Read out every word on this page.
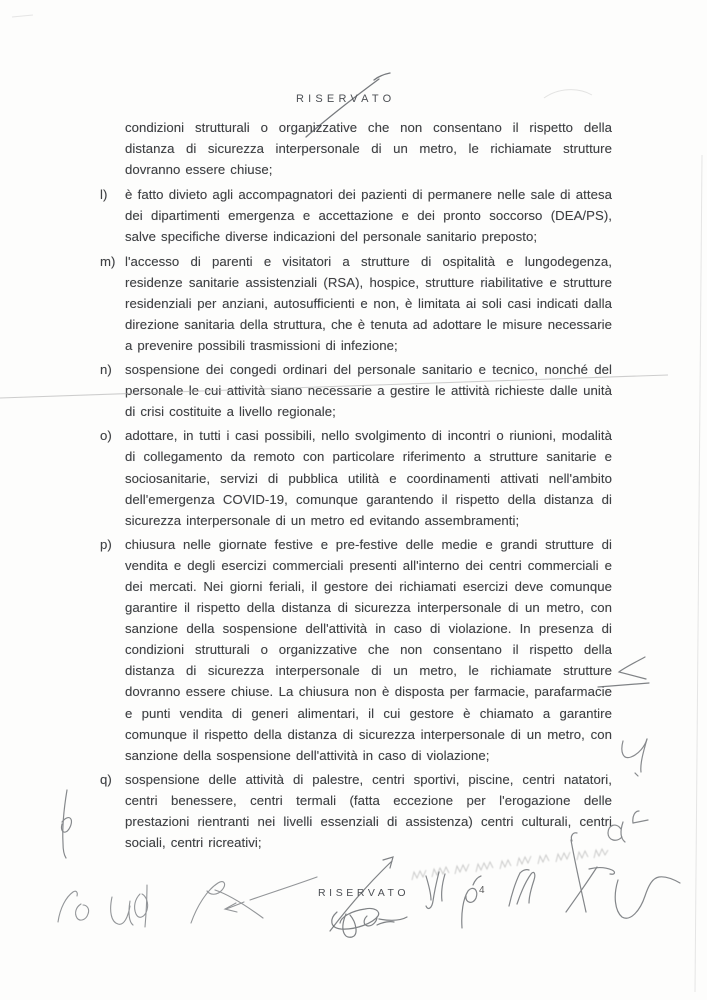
RISERVATO

condizioni strutturali o organizzative che non consentano il rispetto della distanza di sicurezza interpersonale di un metro, le richiamate strutture dovranno essere chiuse;

l) è fatto divieto agli accompagnatori dei pazienti di permanere nelle sale di attesa dei dipartimenti emergenza e accettazione e dei pronto soccorso (DEA/PS), salve specifiche diverse indicazioni del personale sanitario preposto;
m) l'accesso di parenti e visitatori a strutture di ospitalità e lungodegenza, residenze sanitarie assistenziali (RSA), hospice, strutture riabilitative e strutture residenziali per anziani, autosufficienti e non, è limitata ai soli casi indicati dalla direzione sanitaria della struttura, che è tenuta ad adottare le misure necessarie a prevenire possibili trasmissioni di infezione;
n) sospensione dei congedi ordinari del personale sanitario e tecnico, nonché del personale le cui attività siano necessarie a gestire le attività richieste dalle unità di crisi costituite a livello regionale;
o) adottare, in tutti i casi possibili, nello svolgimento di incontri o riunioni, modalità di collegamento da remoto con particolare riferimento a strutture sanitarie e sociosanitarie, servizi di pubblica utilità e coordinamenti attivati nell'ambito dell'emergenza COVID-19, comunque garantendo il rispetto della distanza di sicurezza interpersonale di un metro ed evitando assembramenti;
p) chiusura nelle giornate festive e pre-festive delle medie e grandi strutture di vendita e degli esercizi commerciali presenti all'interno dei centri commerciali e dei mercati. Nei giorni feriali, il gestore dei richiamati esercizi deve comunque garantire il rispetto della distanza di sicurezza interpersonale di un metro, con sanzione della sospensione dell'attività in caso di violazione. In presenza di condizioni strutturali o organizzative che non consentano il rispetto della distanza di sicurezza interpersonale di un metro, le richiamate strutture dovranno essere chiuse. La chiusura non è disposta per farmacie, parafarmacie e punti vendita di generi alimentari, il cui gestore è chiamato a garantire comunque il rispetto della distanza di sicurezza interpersonale di un metro, con sanzione della sospensione dell'attività in caso di violazione;
q) sospensione delle attività di palestre, centri sportivi, piscine, centri natatori, centri benessere, centri termali (fatta eccezione per l'erogazione delle prestazioni rientranti nei livelli essenziali di assistenza) centri culturali, centri sociali, centri ricreativi;
RISERVATO	4
